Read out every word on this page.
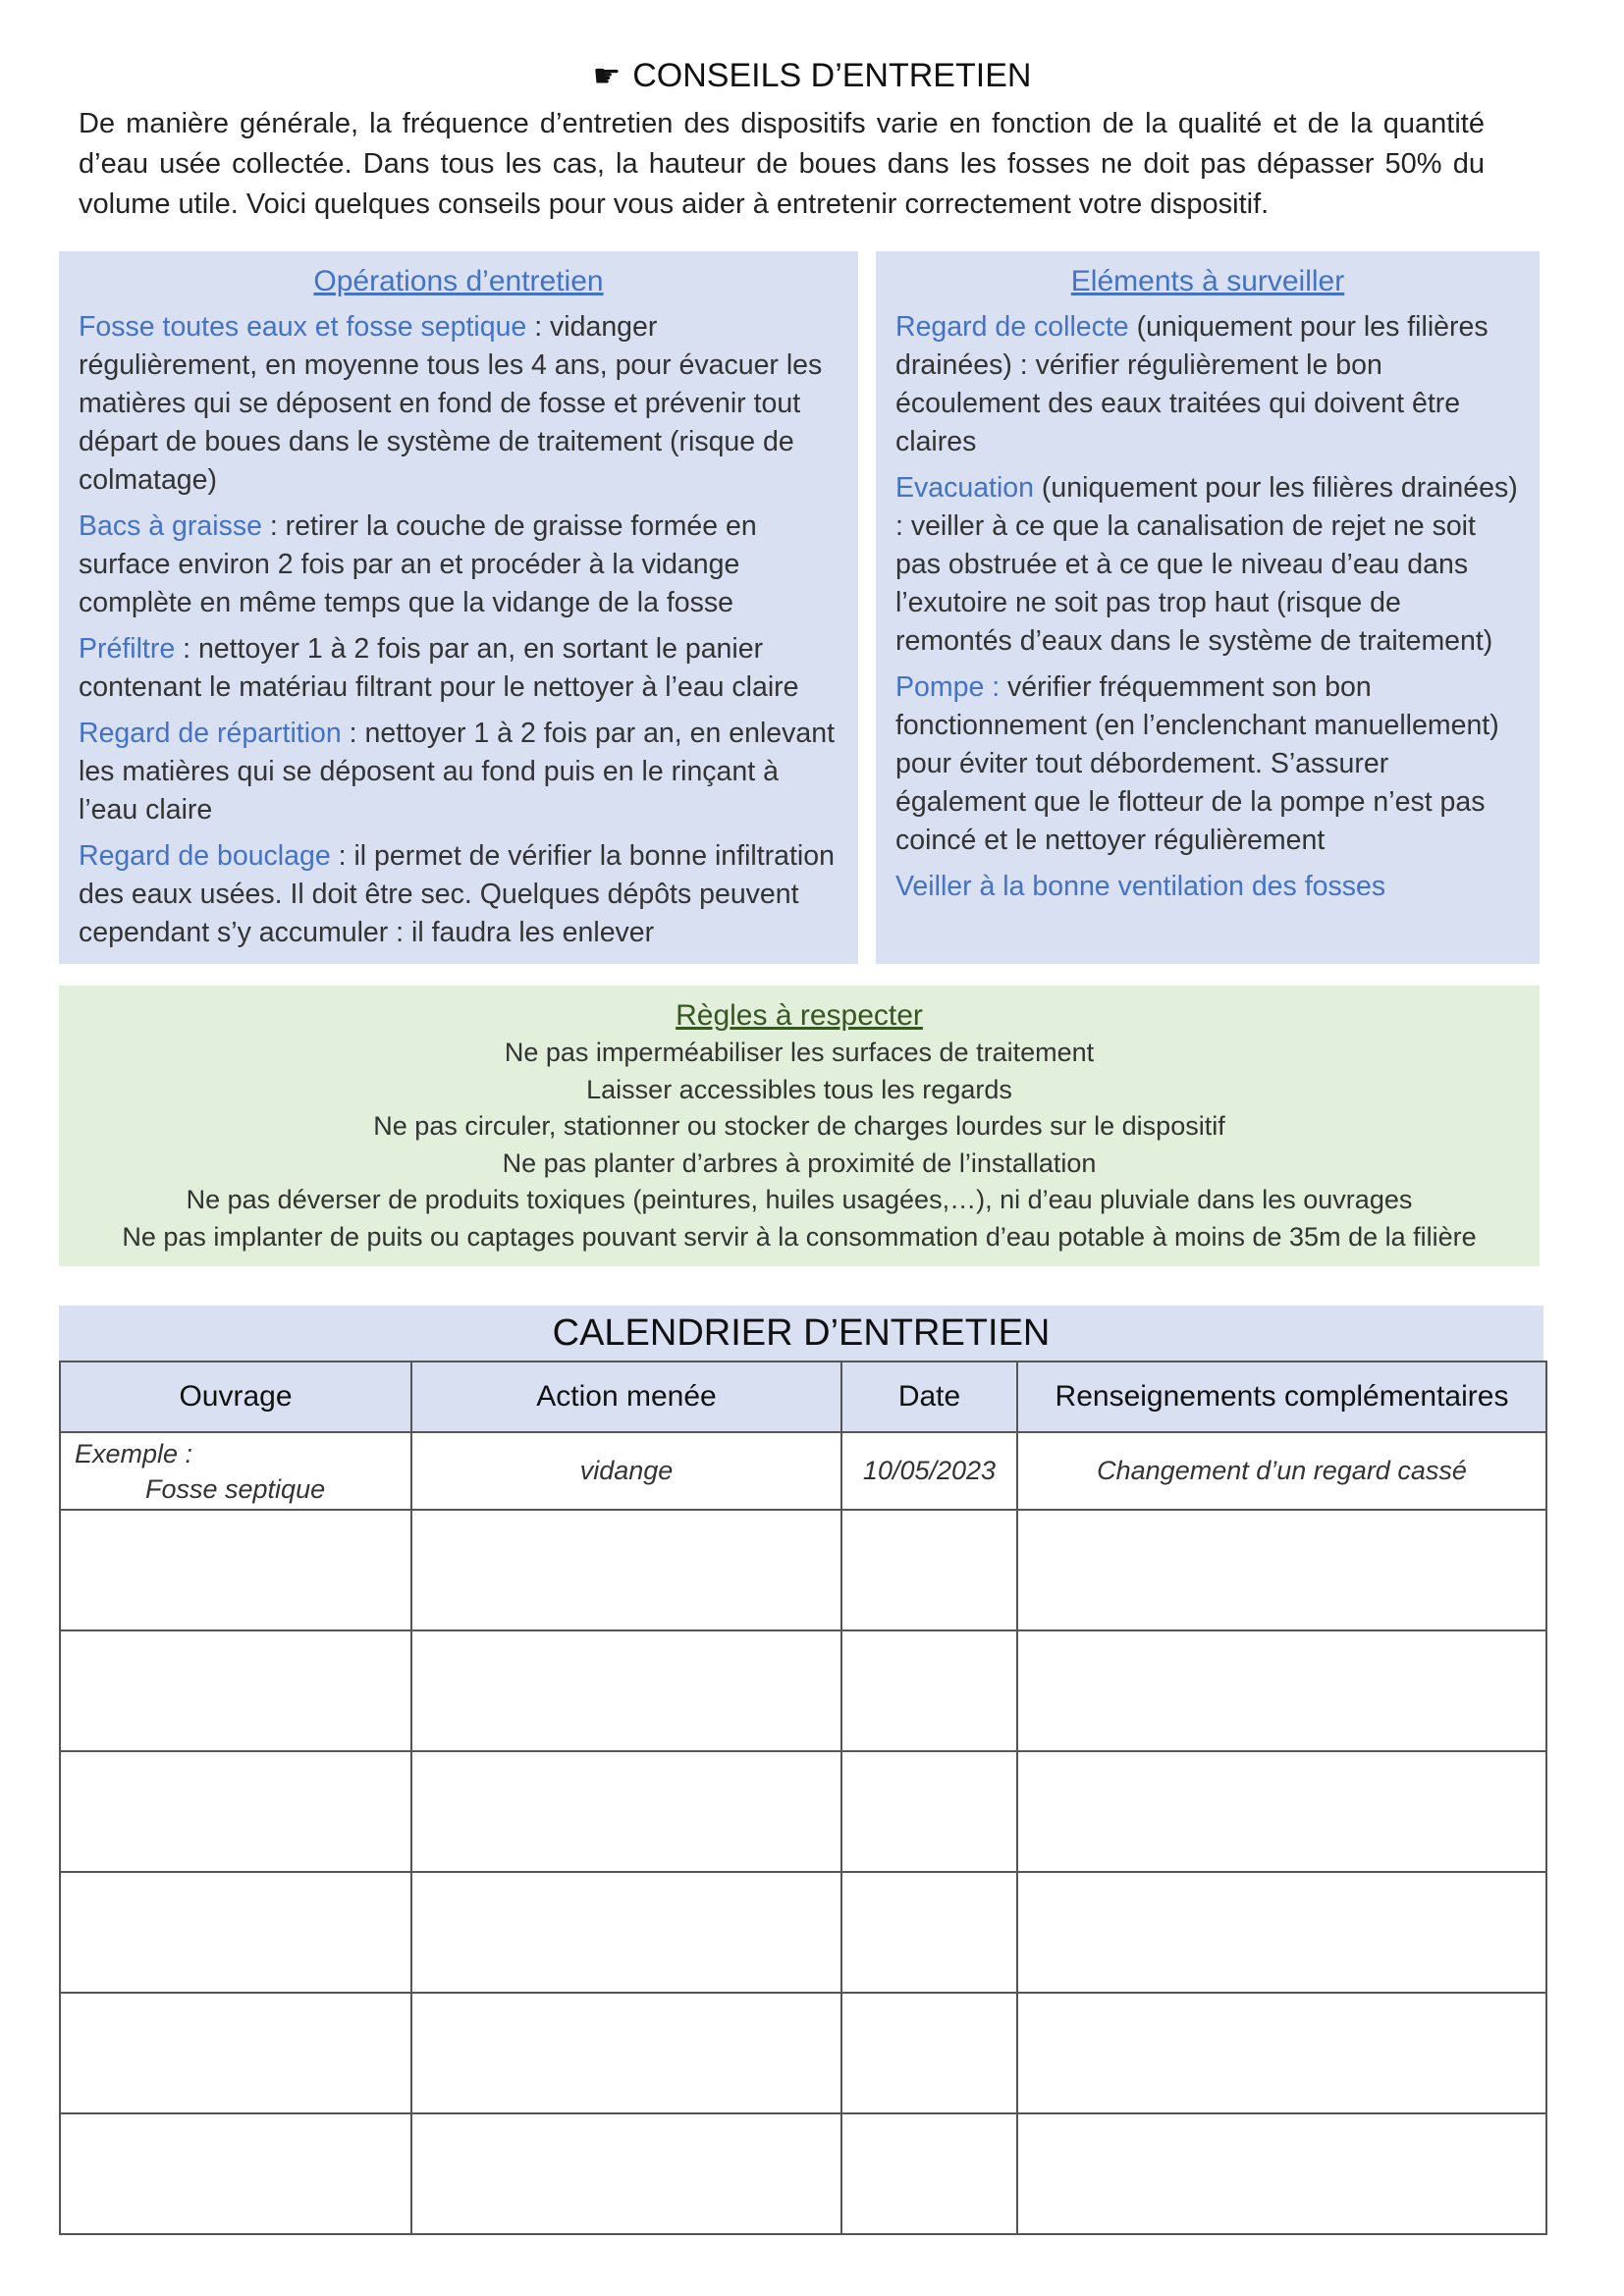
☛ CONSEILS D’ENTRETIEN

De manière générale, la fréquence d’entretien des dispositifs varie en fonction de la qualité et de la quantité d’eau usée collectée. Dans tous les cas, la hauteur de boues dans les fosses ne doit pas dépasser 50% du volume utile. Voici quelques conseils pour vous aider à entretenir correctement votre dispositif.

Opérations d’entretien

Fosse toutes eaux et fosse septique : vidanger régulièrement, en moyenne tous les 4 ans, pour évacuer les matières qui se déposent en fond de fosse et prévenir tout départ de boues dans le système de traitement (risque de colmatage)

Bacs à graisse : retirer la couche de graisse formée en surface environ 2 fois par an et procéder à la vidange complète en même temps que la vidange de la fosse

Préfiltre : nettoyer 1 à 2 fois par an, en sortant le panier contenant le matériau filtrant pour le nettoyer à l’eau claire

Regard de répartition : nettoyer 1 à 2 fois par an, en enlevant les matières qui se déposent au fond puis en le rinçant à l’eau claire

Regard de bouclage : il permet de vérifier la bonne infiltration des eaux usées. Il doit être sec. Quelques dépôts peuvent cependant s’y accumuler : il faudra les enlever

Eléments à surveiller

Regard de collecte (uniquement pour les filières drainées) : vérifier régulièrement le bon écoulement des eaux traitées qui doivent être claires

Evacuation (uniquement pour les filières drainées) : veiller à ce que la canalisation de rejet ne soit pas obstruée et à ce que le niveau d’eau dans l’exutoire ne soit pas trop haut (risque de remontés d’eaux dans le système de traitement)

Pompe : vérifier fréquemment son bon fonctionnement (en l’enclenchant manuellement) pour éviter tout débordement. S’assurer également que le flotteur de la pompe n’est pas coincé et le nettoyer régulièrement

Veiller à la bonne ventilation des fosses

Règles à respecter
Ne pas imperméabiliser les surfaces de traitement
Laisser accessibles tous les regards
Ne pas circuler, stationner ou stocker de charges lourdes sur le dispositif
Ne pas planter d’arbres à proximité de l’installation
Ne pas déverser de produits toxiques (peintures, huiles usagées,…), ni d’eau pluviale dans les ouvrages
Ne pas implanter de puits ou captages pouvant servir à la consommation d’eau potable à moins de 35m de la filière
CALENDRIER D’ENTRETIEN
Ouvrage	Action menée	Date	Renseignements complémentaires
Exemple :
Fosse septique	vidange	10/05/2023	Changement d’un regard cassé
